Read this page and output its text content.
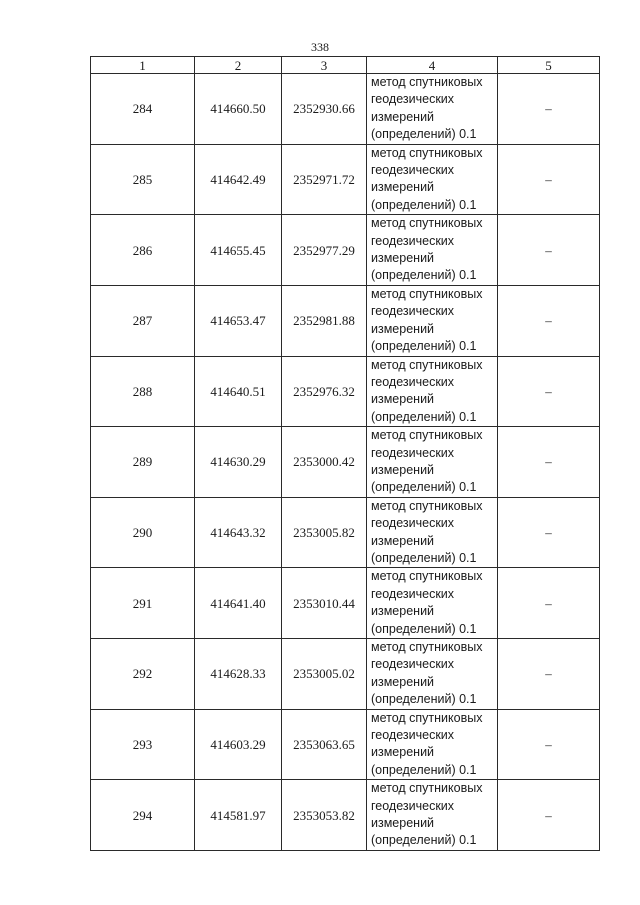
338
1	2	3	4	5
284	414660.50	2352930.66	метод спутниковых
геодезических
измерений
(определений) 0.1	–
285	414642.49	2352971.72	метод спутниковых
геодезических
измерений
(определений) 0.1	–
286	414655.45	2352977.29	метод спутниковых
геодезических
измерений
(определений) 0.1	–
287	414653.47	2352981.88	метод спутниковых
геодезических
измерений
(определений) 0.1	–
288	414640.51	2352976.32	метод спутниковых
геодезических
измерений
(определений) 0.1	–
289	414630.29	2353000.42	метод спутниковых
геодезических
измерений
(определений) 0.1	–
290	414643.32	2353005.82	метод спутниковых
геодезических
измерений
(определений) 0.1	–
291	414641.40	2353010.44	метод спутниковых
геодезических
измерений
(определений) 0.1	–
292	414628.33	2353005.02	метод спутниковых
геодезических
измерений
(определений) 0.1	–
293	414603.29	2353063.65	метод спутниковых
геодезических
измерений
(определений) 0.1	–
294	414581.97	2353053.82	метод спутниковых
геодезических
измерений
(определений) 0.1	–
